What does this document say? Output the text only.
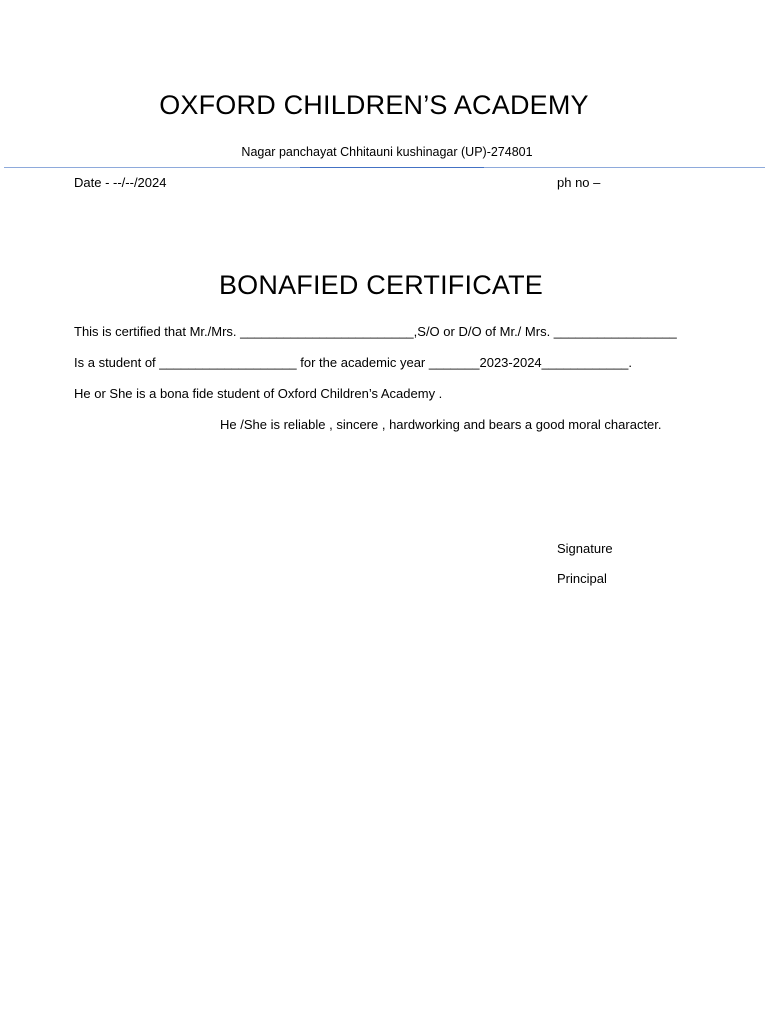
OXFORD CHILDREN’S ACADEMY
Nagar panchayat Chhitauni kushinagar (UP)-274801
Date - --/--/2024	ph no –
BONAFIED CERTIFICATE
This is certified that Mr./Mrs. ________________________,S/O or D/O of Mr./ Mrs. _________________
Is a student of ___________________ for the academic year _______2023-2024____________.
He or She is a bona fide student of Oxford Children’s Academy .
He /She is reliable , sincere , hardworking and bears a good moral character.
Signature
Principal
